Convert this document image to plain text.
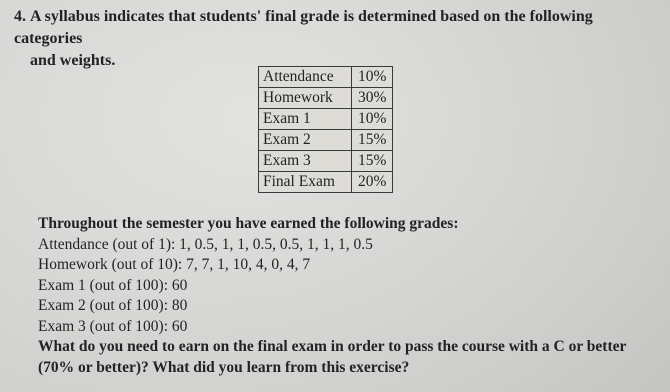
4. A syllabus indicates that students' final grade is determined based on the following categories
and weights.
Attendance	10%
Homework	30%
Exam 1	10%
Exam 2	15%
Exam 3	15%
Final Exam	20%
Throughout the semester you have earned the following grades:
Attendance (out of 1): 1, 0.5, 1, 1, 0.5, 0.5, 1, 1, 1, 0.5
Homework (out of 10): 7, 7, 1, 10, 4, 0, 4, 7
Exam 1 (out of 100): 60
Exam 2 (out of 100): 80
Exam 3 (out of 100): 60
What do you need to earn on the final exam in order to pass the course with a C or better
(70% or better)? What did you learn from this exercise?
